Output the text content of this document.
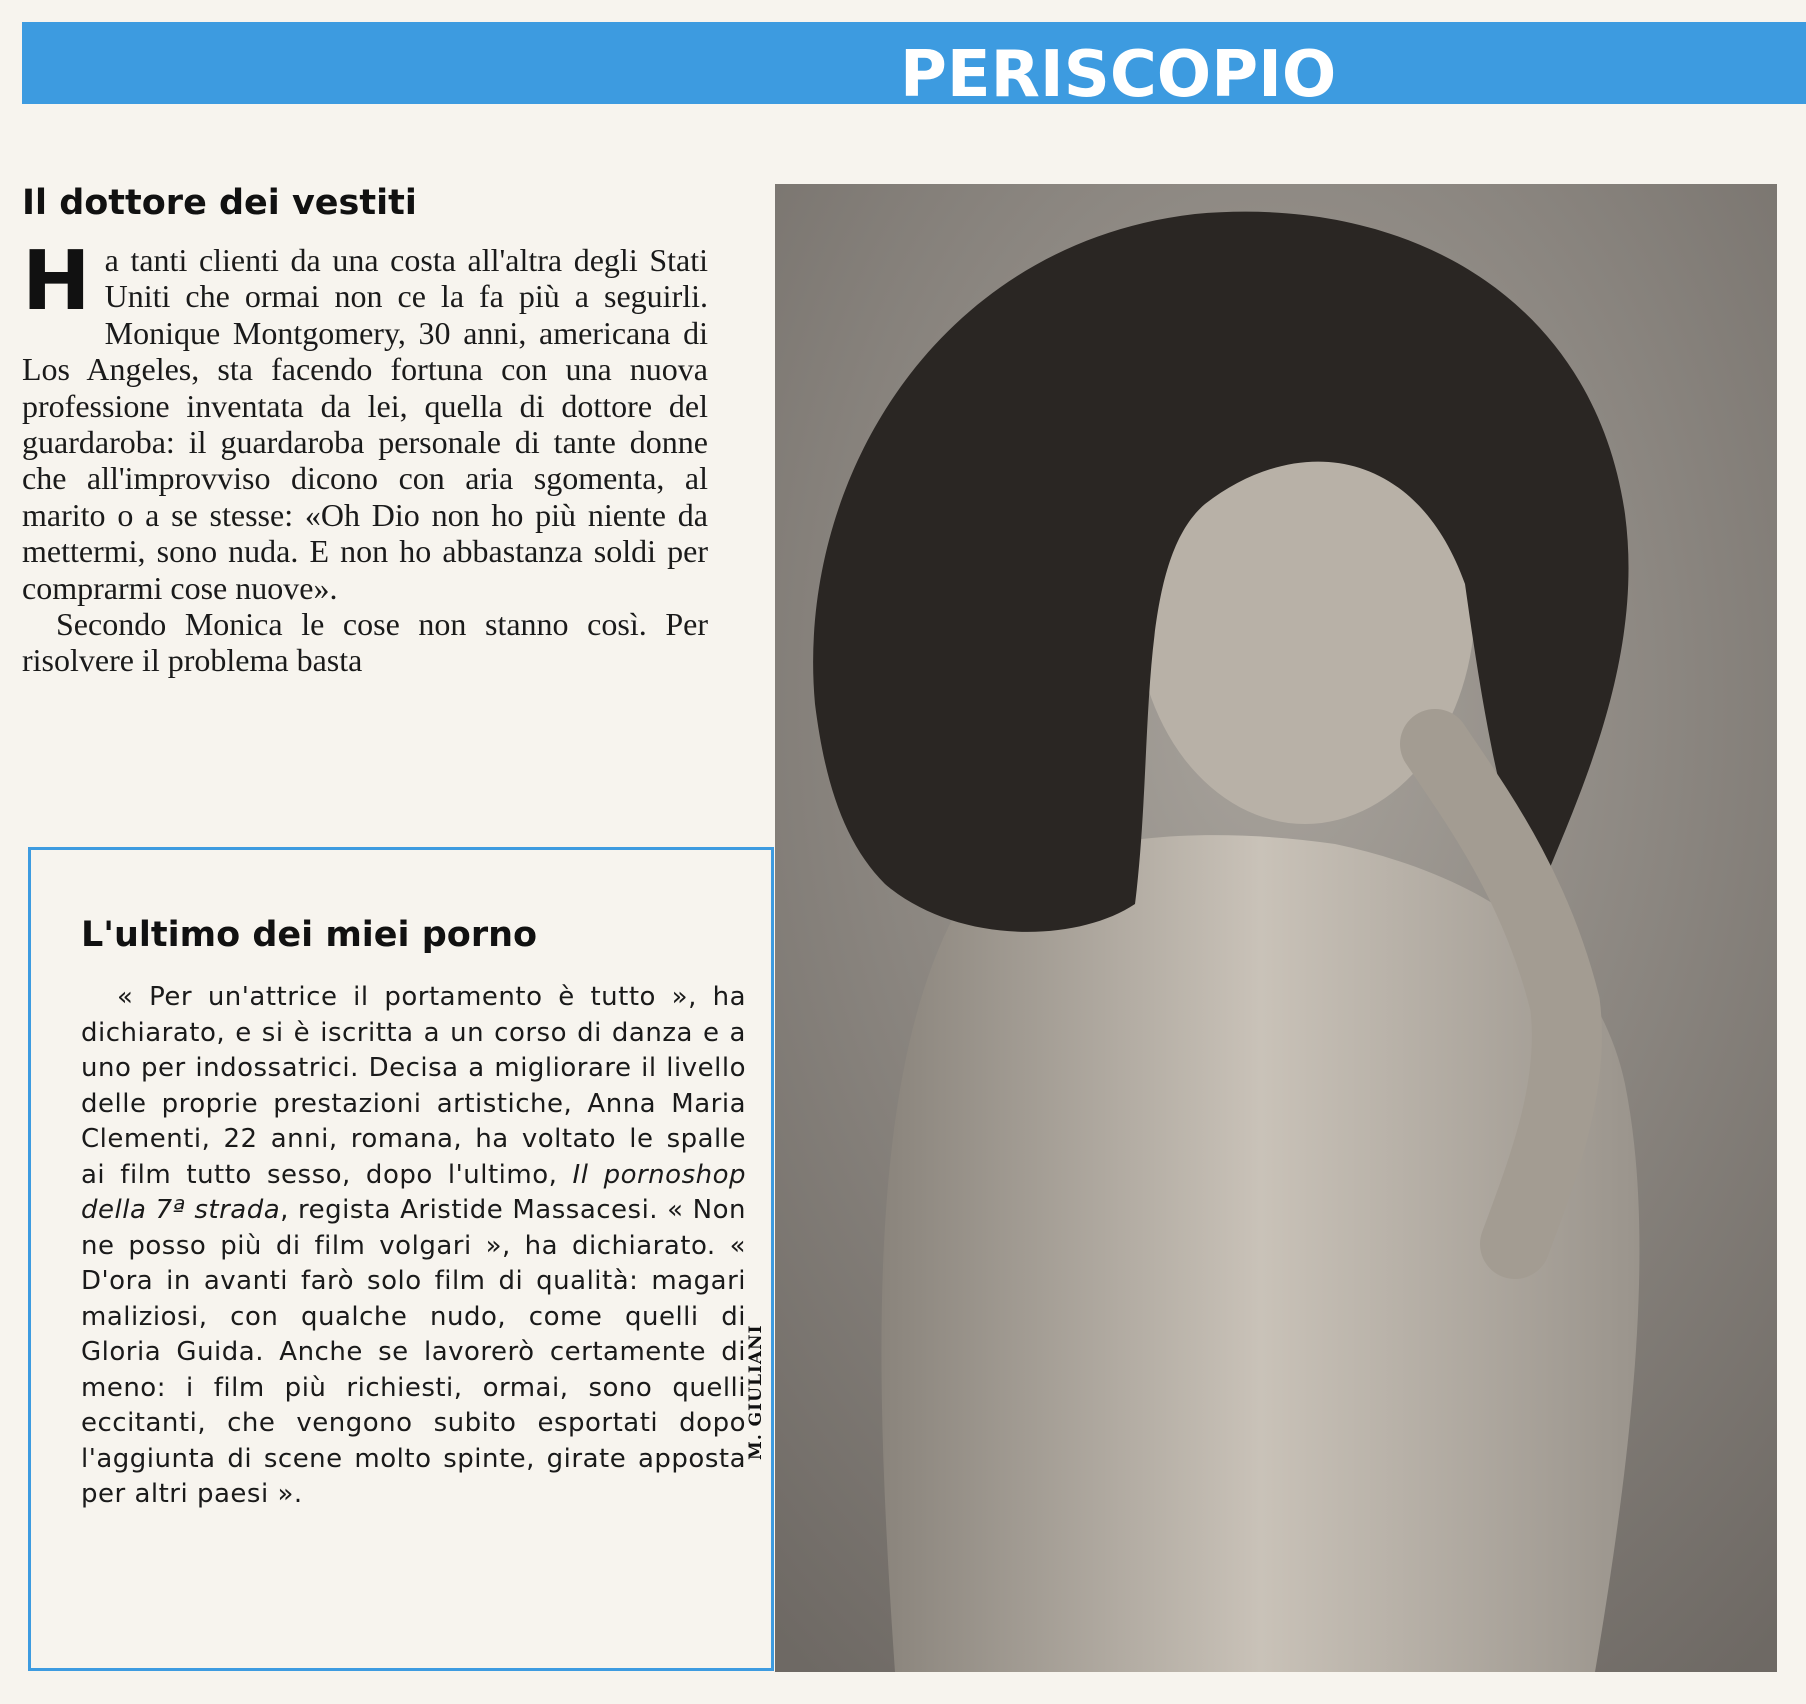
PERISCOPIO
Il dottore dei vestiti

Ha tanti clienti da una costa all'altra degli Stati Uniti che ormai non ce la fa più a seguirli. Monique Montgomery, 30 anni, americana di Los Angeles, sta facendo fortuna con una nuova professione inventata da lei, quella di dottore del guardaroba: il guardaroba personale di tante donne che all'improvviso dicono con aria sgomenta, al marito o a se stesse: «Oh Dio non ho più niente da mettermi, sono nuda. E non ho abbastanza soldi per comprarmi cose nuove».

Secondo Monica le cose non stanno così. Per risolvere il problema basta

L'ultimo dei miei porno

« Per un'attrice il portamento è tutto », ha dichiarato, e si è iscritta a un corso di danza e a uno per indossatrici. Decisa a migliorare il livello delle proprie prestazioni artistiche, Anna Maria Clementi, 22 anni, romana, ha voltato le spalle ai film tutto sesso, dopo l'ultimo, Il pornoshop della 7ª strada, regista Aristide Massacesi. « Non ne posso più di film volgari », ha dichiarato. « D'ora in avanti farò solo film di qualità: magari maliziosi, con qualche nudo, come quelli di Gloria Guida. Anche se lavorerò certamente di meno: i film più richiesti, ormai, sono quelli eccitanti, che vengono subito esportati dopo l'aggiunta di scene molto spinte, girate apposta per altri paesi ».

M. GIULIANI
